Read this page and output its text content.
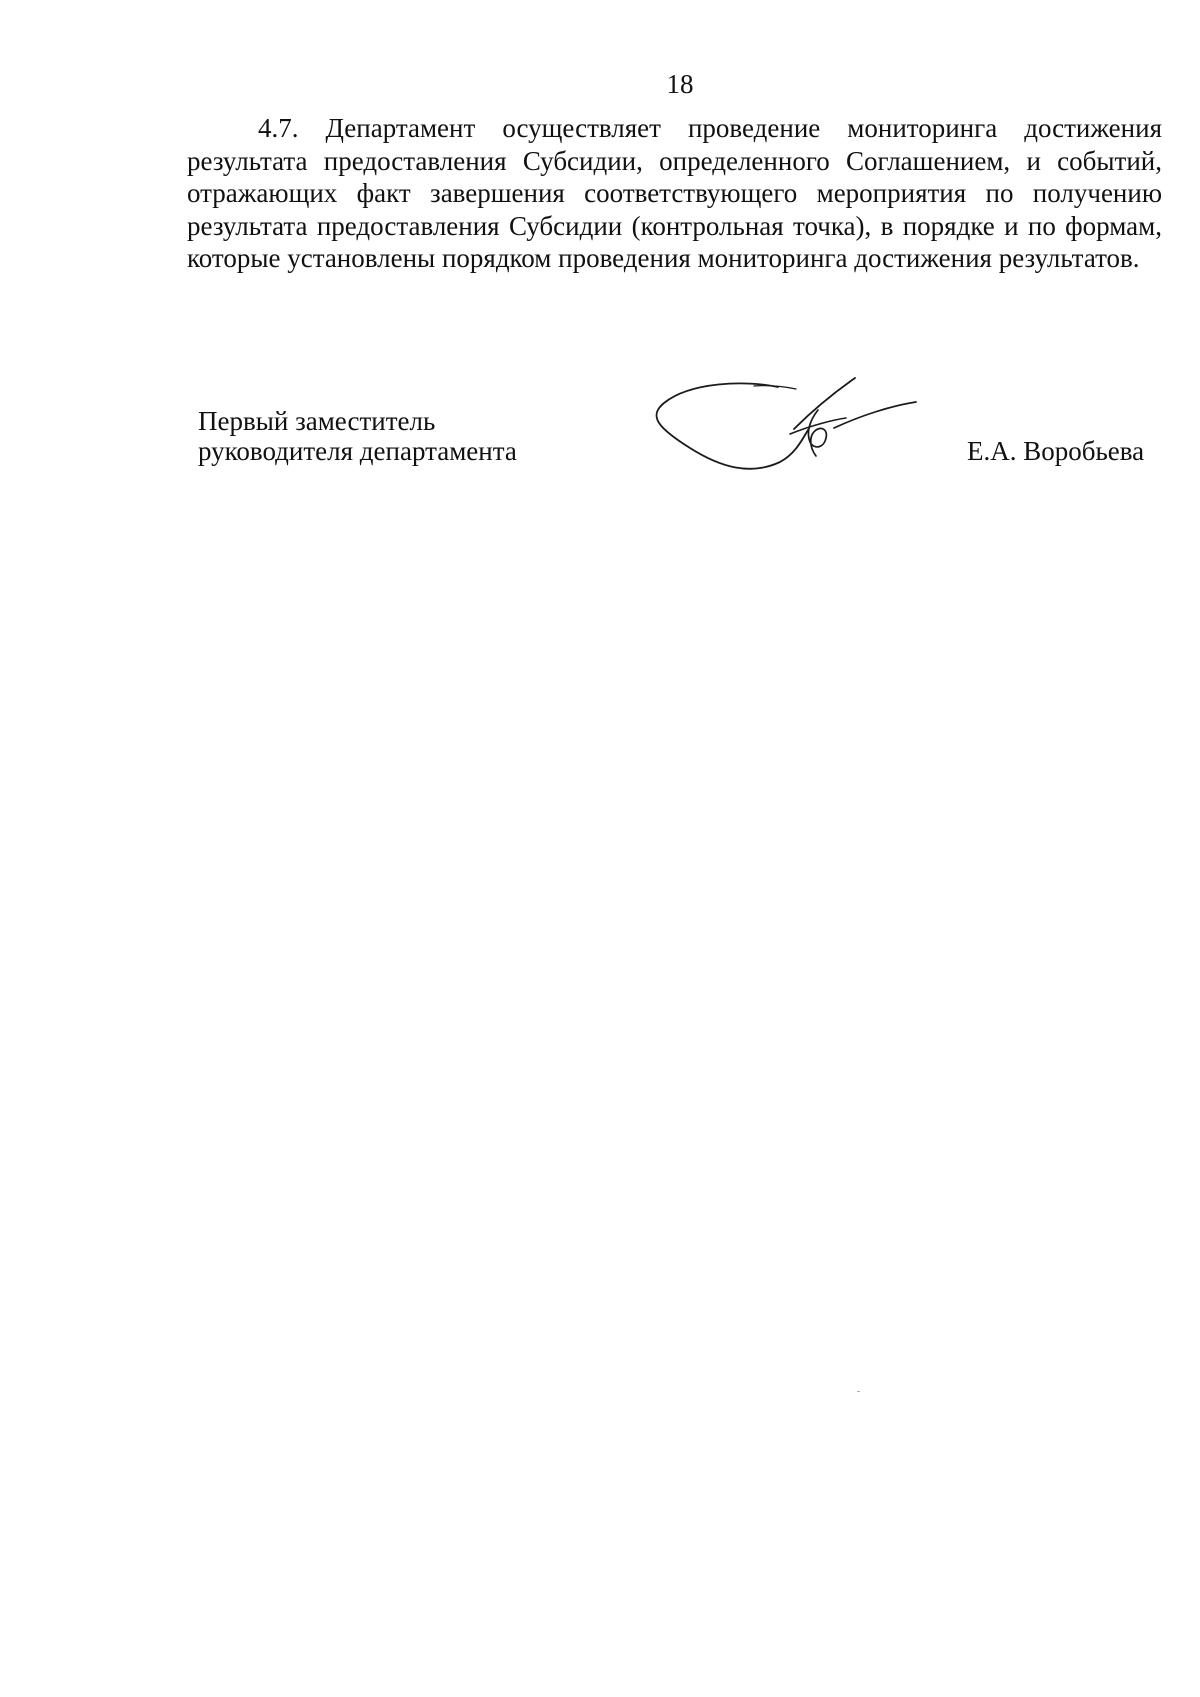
18

4.7. Департамент осуществляет проведение мониторинга достижения результата предоставления Субсидии, определенного Соглашением, и событий, отражающих факт завершения соответствующего мероприятия по получению результата предоставления Субсидии (контрольная точка), в порядке и по формам, которые установлены порядком проведения мониторинга достижения результатов.

Первый заместитель
руководителя департамента	Е.А. Воробьева
